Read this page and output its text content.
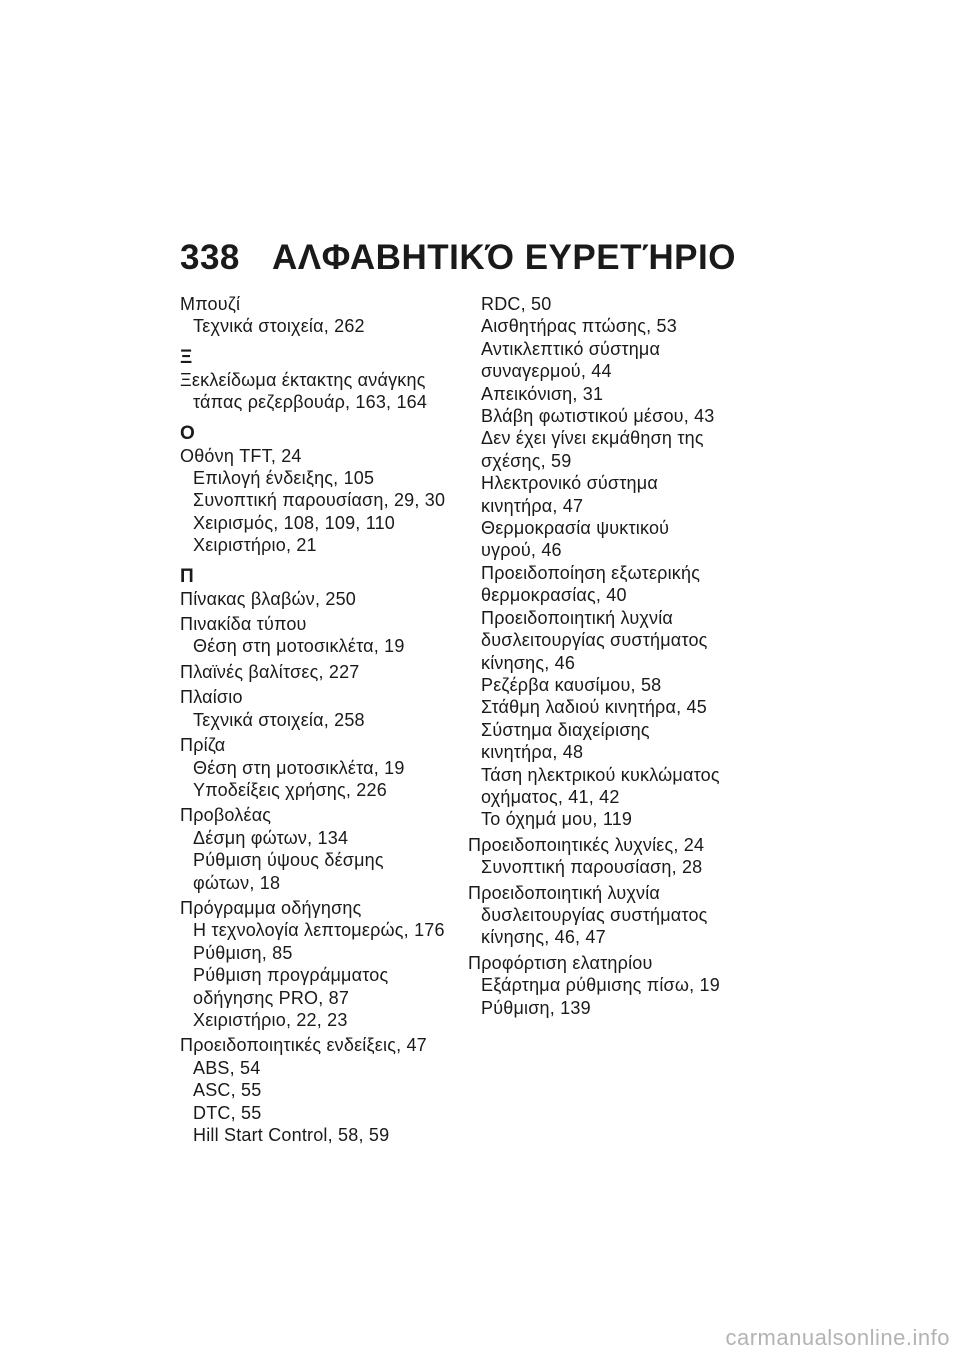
338 ΑΛΦΑΒΗΤΙΚΌ ΕΥΡΕΤΉΡΙΟ
Μπουζί
Τεχνικά στοιχεία, 262
Ξ
Ξεκλείδωμα έκτακτης ανάγκης
τάπας ρεζερβουάρ, 163, 164
Ο
Οθόνη TFT, 24
Επιλογή ένδειξης, 105
Συνοπτική παρουσίαση, 29, 30
Χειρισμός, 108, 109, 110
Χειριστήριο, 21
Π
Πίνακας βλαβών, 250
Πινακίδα τύπου
Θέση στη μοτοσικλέτα, 19
Πλαϊνές βαλίτσες, 227
Πλαίσιο
Τεχνικά στοιχεία, 258
Πρίζα
Θέση στη μοτοσικλέτα, 19
Υποδείξεις χρήσης, 226
Προβολέας
Δέσμη φώτων, 134
Ρύθμιση ύψους δέσμης
φώτων, 18
Πρόγραμμα οδήγησης
Η τεχνολογία λεπτομερώς, 176
Ρύθμιση, 85
Ρύθμιση προγράμματος
οδήγησης PRO, 87
Χειριστήριο, 22, 23
Προειδοποιητικές ενδείξεις, 47
ABS, 54
ASC, 55
DTC, 55
Hill Start Control, 58, 59
RDC, 50
Αισθητήρας πτώσης, 53
Αντικλεπτικό σύστημα
συναγερμού, 44
Απεικόνιση, 31
Βλάβη φωτιστικού μέσου, 43
Δεν έχει γίνει εκμάθηση της
σχέσης, 59
Ηλεκτρονικό σύστημα
κινητήρα, 47
Θερμοκρασία ψυκτικού
υγρού, 46
Προειδοποίηση εξωτερικής
θερμοκρασίας, 40
Προειδοποιητική λυχνία
δυσλειτουργίας συστήματος
κίνησης, 46
Ρεζέρβα καυσίμου, 58
Στάθμη λαδιού κινητήρα, 45
Σύστημα διαχείρισης
κινητήρα, 48
Τάση ηλεκτρικού κυκλώματος
οχήματος, 41, 42
Το όχημά μου, 119
Προειδοποιητικές λυχνίες, 24
Συνοπτική παρουσίαση, 28
Προειδοποιητική λυχνία
δυσλειτουργίας συστήματος
κίνησης, 46, 47
Προφόρτιση ελατηρίου
Εξάρτημα ρύθμισης πίσω, 19
Ρύθμιση, 139
carmanualsonline.info
